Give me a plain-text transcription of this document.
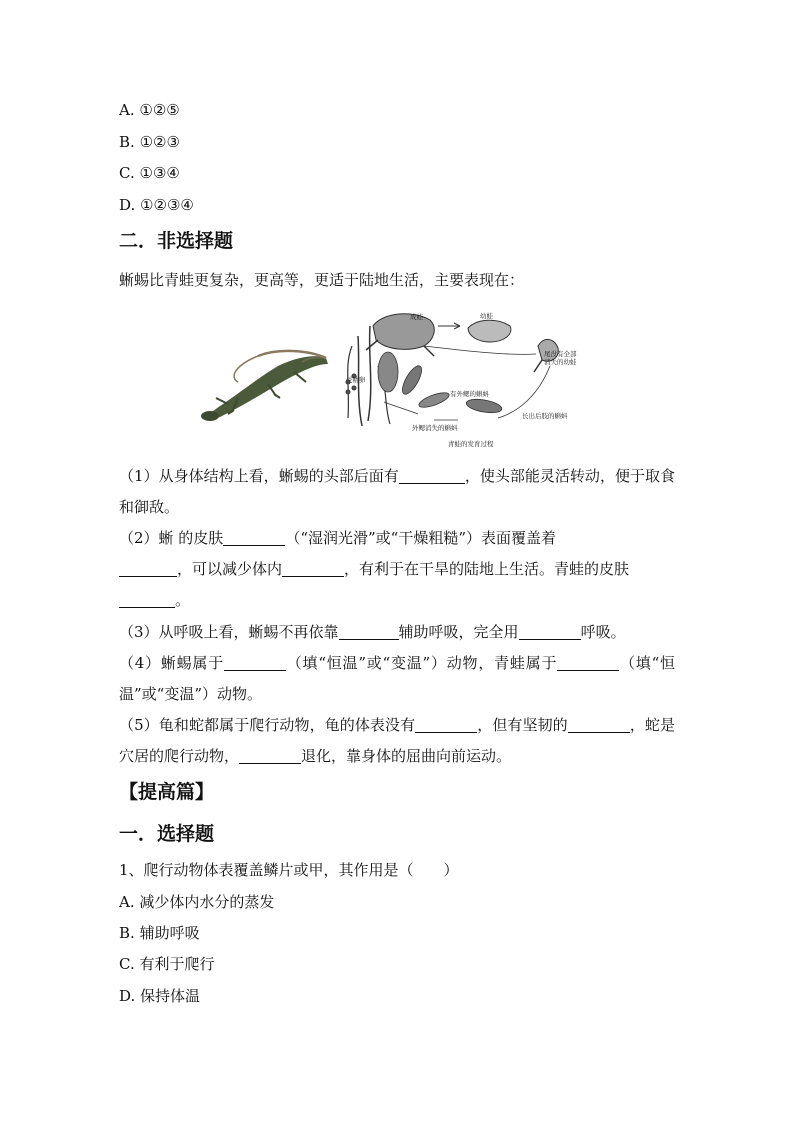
A. ①②⑤
B. ①②③
C. ①③④
D. ①②③④
二．非选择题
蜥蜴比青蛙更复杂，更高等，更适于陆地生活，主要表现在：
成蛙	幼蛙
尾没有全部
消失的幼蛙
受精卵
有外鳃的蝌蚪
外鳃消失的蝌蚪
长出后肢的蝌蚪
青蛙的发育过程
（1）从身体结构上看，蜥蜴的头部后面有	，使头部能灵活转动，便于取食和御敌。
（2）蜥 的皮肤	（“湿润光滑”或“干燥粗糙”）表面覆盖着
，可以减少体内	，有利于在干旱的陆地上生活。青蛙的皮肤
。
（3）从呼吸上看，蜥蜴不再依靠	辅助呼吸，完全用	呼吸。
（4）蜥蜴属于	（填“恒温”或“变温”）动物，青蛙属于	（填“恒温”或“变温”）动物。
（5）龟和蛇都属于爬行动物，龟的体表没有	，但有坚韧的	，蛇是穴居的爬行动物，	退化，靠身体的屈曲向前运动。
【提高篇】
一．选择题
1、爬行动物体表覆盖鳞片或甲，其作用是（　　）
A. 减少体内水分的蒸发
B. 辅助呼吸
C. 有利于爬行
D. 保持体温
